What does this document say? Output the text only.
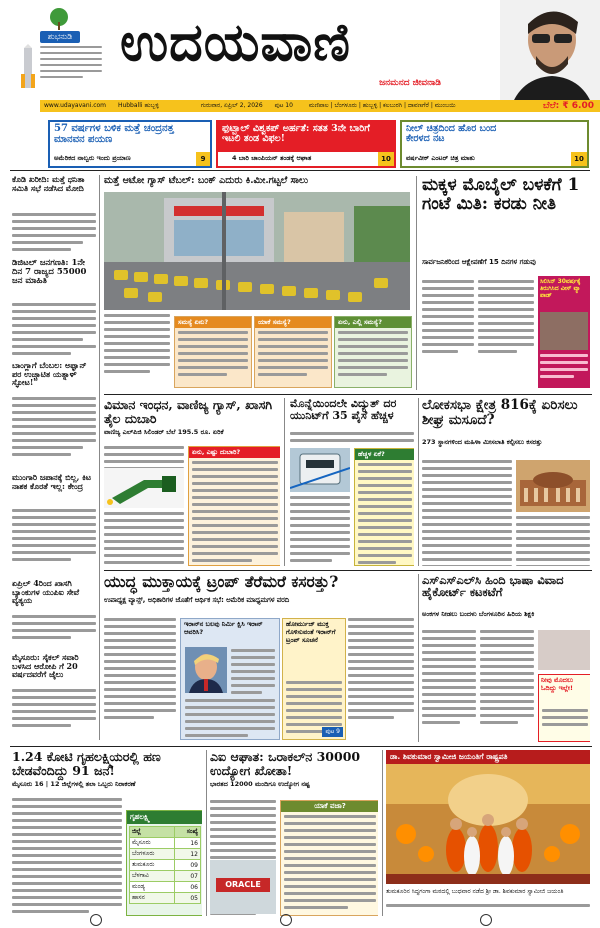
ಶುಭನುಡಿ ಉದಯವಾಣಿ
ಜನಮನದ ಜೀವನಾಡಿ
www.udayavani.com Hubballi ಹುಬ್ಬಳ್ಳಿ	ಗುರುವಾರ, ಏಪ್ರಿಲ್ 2, 2026 ಪುಟ 10	ಮಣಿಪಾಲ | ಬೆಂಗಳೂರು | ಹುಬ್ಬಳ್ಳಿ | ಕಲಬುರಗಿ | ದಾವಣಗೆರೆ | ಮುಂಬಯಿ	ಬೆಲೆ: ₹ 6.00
57 ವರ್ಷಗಳ ಬಳಿಕ ಮತ್ತೆ ಚಂದ್ರನತ್ತ ಮಾನವನ ಪಯಣ
ಅಮೆರಿಕದ ನಾಲ್ವರು ಇಂದು ಪ್ರಯಾಣ	9
ಫುಟ್ಬಾಲ್ ವಿಶ್ವಕಪ್ ಅರ್ಹತೆ: ಸತತ 3ನೇ ಬಾರಿಗೆ ಇಟಲಿ ತಂಡ ವಿಫಲ!
4 ಬಾರಿ ಚಾಂಪಿಯನ್ ತಂಡಕ್ಕೆ ಆಘಾತ	10
ನೀಲ್ ಚಿತ್ರದಿಂದ ಹೊರ ಬಂದ ಕೇರಳದ ನಟ
ವರ್ಷವೀಕ್ ಎಂಟರ್ ಚಿತ್ರ ಮಾತು	10
ಕೊಡಿ ಖರೀದಿ: ಮತ್ತೆ ಧನಿತಾ ಸಮಿತಿ ಸಭೆ ನಡೆಸಿದ ಮೋದಿ
ಡಿಜಿಟಲ್ ಜನಗಣತಿ: 1ನೇ ದಿನ 7 ರಾಜ್ಯದ 55000 ಜನ ಮಾಹಿತಿ
ಬಾಂಗ್ಲಾಗೆ ಬೆಂಬಲ: ಅಫ್ಘಾನ್ ಪರ ಉಚ್ಚಾಟಿತ ಯತ್ನಾಳ್ ಸ್ಫೋಟ!
ಮುಂಗಾರಿ ಜಪಾನಕ್ಕೆ ಬಿಲ್ಲ, ಕಿಟ ನಾಶಕ ಕೊರತೆ ಇಲ್ಲ: ಕೇಂದ್ರ
ಏಪ್ರಿಲ್ 4ರಿಂದ ಖಾಸಗಿ ಬ್ಯಾಂಕುಗಳ ಯುಪಿಐ ಸೇವೆ ವ್ಯತ್ಯಯ
ಮೈಸೂರು: ಸೈಕಲ್ ಸವಾರಿ ಬಳಸಿದ ಆರೋಪಿ ಗೆ 20 ವರ್ಷದವರೆಗೆ ಜೈಲು
ಮತ್ತೆ ಆಟೋ ಗ್ಯಾಸ್ ಟೆಬಲ್: ಬಂಕ್ ಎದುರು ಕಿ.ಮೀ.ಗಟ್ಟಲೆ ಸಾಲು
ಸಮಸ್ಯೆ ಏನು?	ಯಾಕೆ ಸಮಸ್ಯೆ?	ಏನು, ಎಲ್ಲಿ ಸಮಸ್ಯೆ?
ಮಕ್ಕಳ ಮೊಬೈಲ್ ಬಳಕೆಗೆ 1 ಗಂಟೆ ಮಿತಿ: ಕರಡು ನೀತಿ
ಸಾರ್ವಜನಿಕರಿಂದ ಆಕ್ಷೇಪಣೆಗೆ 15 ದಿನಗಳ ಗಡುವು
ಸಿಲಿಸಿನ್ 30ವರ್ಷಕ್ಕೆ ತಿರುಗಿಸಿದ ವೀಸ್ ವ್ಯಾ ಪಾಡ್
ವಿಮಾನ ಇಂಧನ, ವಾಣಿಜ್ಯ ಗ್ಯಾಸ್, ಖಾಸಗಿ ತೈಲ ದುಬಾರಿ
ವಾಣಿಜ್ಯ ಎಲ್‌ಪಿಜಿ ಸಿಲಿಂಡರ್ ಬೆಲೆ 195.5 ರೂ. ಏರಿಕೆ
ಏನು, ಎಷ್ಟು ದುಬಾರಿ?
ಮೊನ್ನೆಯಿಂದಲೇ ವಿದ್ಯುತ್ ದರ ಯುನಿಟ್‌ಗೆ 35 ಪೈಸೆ ಹೆಚ್ಚಳ
ಹೆಚ್ಚಳ ಏಕೆ?
ಲೋಕಸಭಾ ಕ್ಷೇತ್ರ 816ಕ್ಕೆ ಏರಿಸಲು ಶೀಘ್ರ ಮಸೂದೆ?
273 ಸ್ಥಾನಗಳಿಂದ ಮಹಿಳಾ ಮೀಸಲಾತಿ ಕಲ್ಪಿಸಲು ಕಸರತ್ತು
ಯುದ್ಧ ಮುಕ್ತಾಯಕ್ಕೆ ಟ್ರಂಪ್ ತೆರೆಮರೆ ಕಸರತ್ತು?
ಉಪಾಧ್ಯಕ್ಷ ವ್ಯಾನ್ಸ್, ಅಧಿಕಾರಿಗಳ ಜೊತೆಗೆ ಆರ್ಥಿಕ ಸಭೆ: ಅಮೆರಿಕ ಮಾಧ್ಯಮಗಳ ವರದಿ
ಇರಾನ್‌ನ ಬಲವು ನಿರ್ಮಿ ಕ್ಷಿಸಿ ಇರಾನ್ ಆವರಿಸಿ?
ಹೋರ್ಮುಜ್ ಮುಕ್ತ ಗೊಳಿಸುವಂತೆ ಇರಾನ್‌ಗೆ ಟ್ರಂಪ್ ಸೂಚನೆ
ಪುಟ 9
ಎಸ್‌ಎಸ್‌ಎಲ್‌ಸಿ ಹಿಂದಿ ಭಾಷಾ ವಿವಾದ ಹೈಕೋರ್ಟ್ ಕಟಕಟೆಗೆ
ಅಂಕಗಳ ನೀಡಲು ಬಂದಳು ಬೆಂಗಳೂರಿನ ಹಿರಿಯ ಶಿಕ್ಷಕಿ
ನೀವು ಮೊದಲು ಓದಿದ್ದು ಇಲ್ಲೇ!
1.24 ಕೋಟಿ ಗೃಹಲಕ್ಷ್ಮಿಯರಲ್ಲಿ ಹಣ ಬೇಡವೆಂದಿದ್ದು 91 ಜನ!
ಮೈಸೂರು 16 | 12 ಜಿಲ್ಲೆಗಳಲ್ಲಿ ತಲಾ ಒಬ್ಬರು ನಿರಾಕರಣೆ
ಗೃಹಲಕ್ಷ್ಮಿ
ಜಿಲ್ಲೆ	ಸಂಖ್ಯೆ
ಮೈಸೂರು	16
ಬೆಂಗಳೂರು	12
ತುಮಕೂರು	09
ಬೆಳಗಾವಿ	07
ಮಂಡ್ಯ	06
ಹಾಸನ	05
ಎಐ ಆಘಾತ: ಒರಾಕಲ್‌ನ 30000 ಉದ್ಯೋಗ ಖೋತಾ!
ಭಾರತದ 12000 ಮಂದಿಗೂ ಉದ್ಯೋಗ ನಷ್ಟ
ORACLE
ಯಾಕೆ ವಜಾ?
ಡಾ. ಶಿವಕುಮಾರ ಸ್ವಾಮೀಜಿ ಜಯಂತಿಗೆ ರಾಷ್ಟ್ರಪತಿ
ತುಮಕೂರಿನ ಸಿದ್ಧಗಂಗಾ ಮಠದಲ್ಲಿ ಬುಧವಾರ ನಡೆದ ಶ್ರೀ ಡಾ. ಶಿವಕುಮಾರ ಸ್ವಾಮೀಜಿ ಜಯಂತಿ
